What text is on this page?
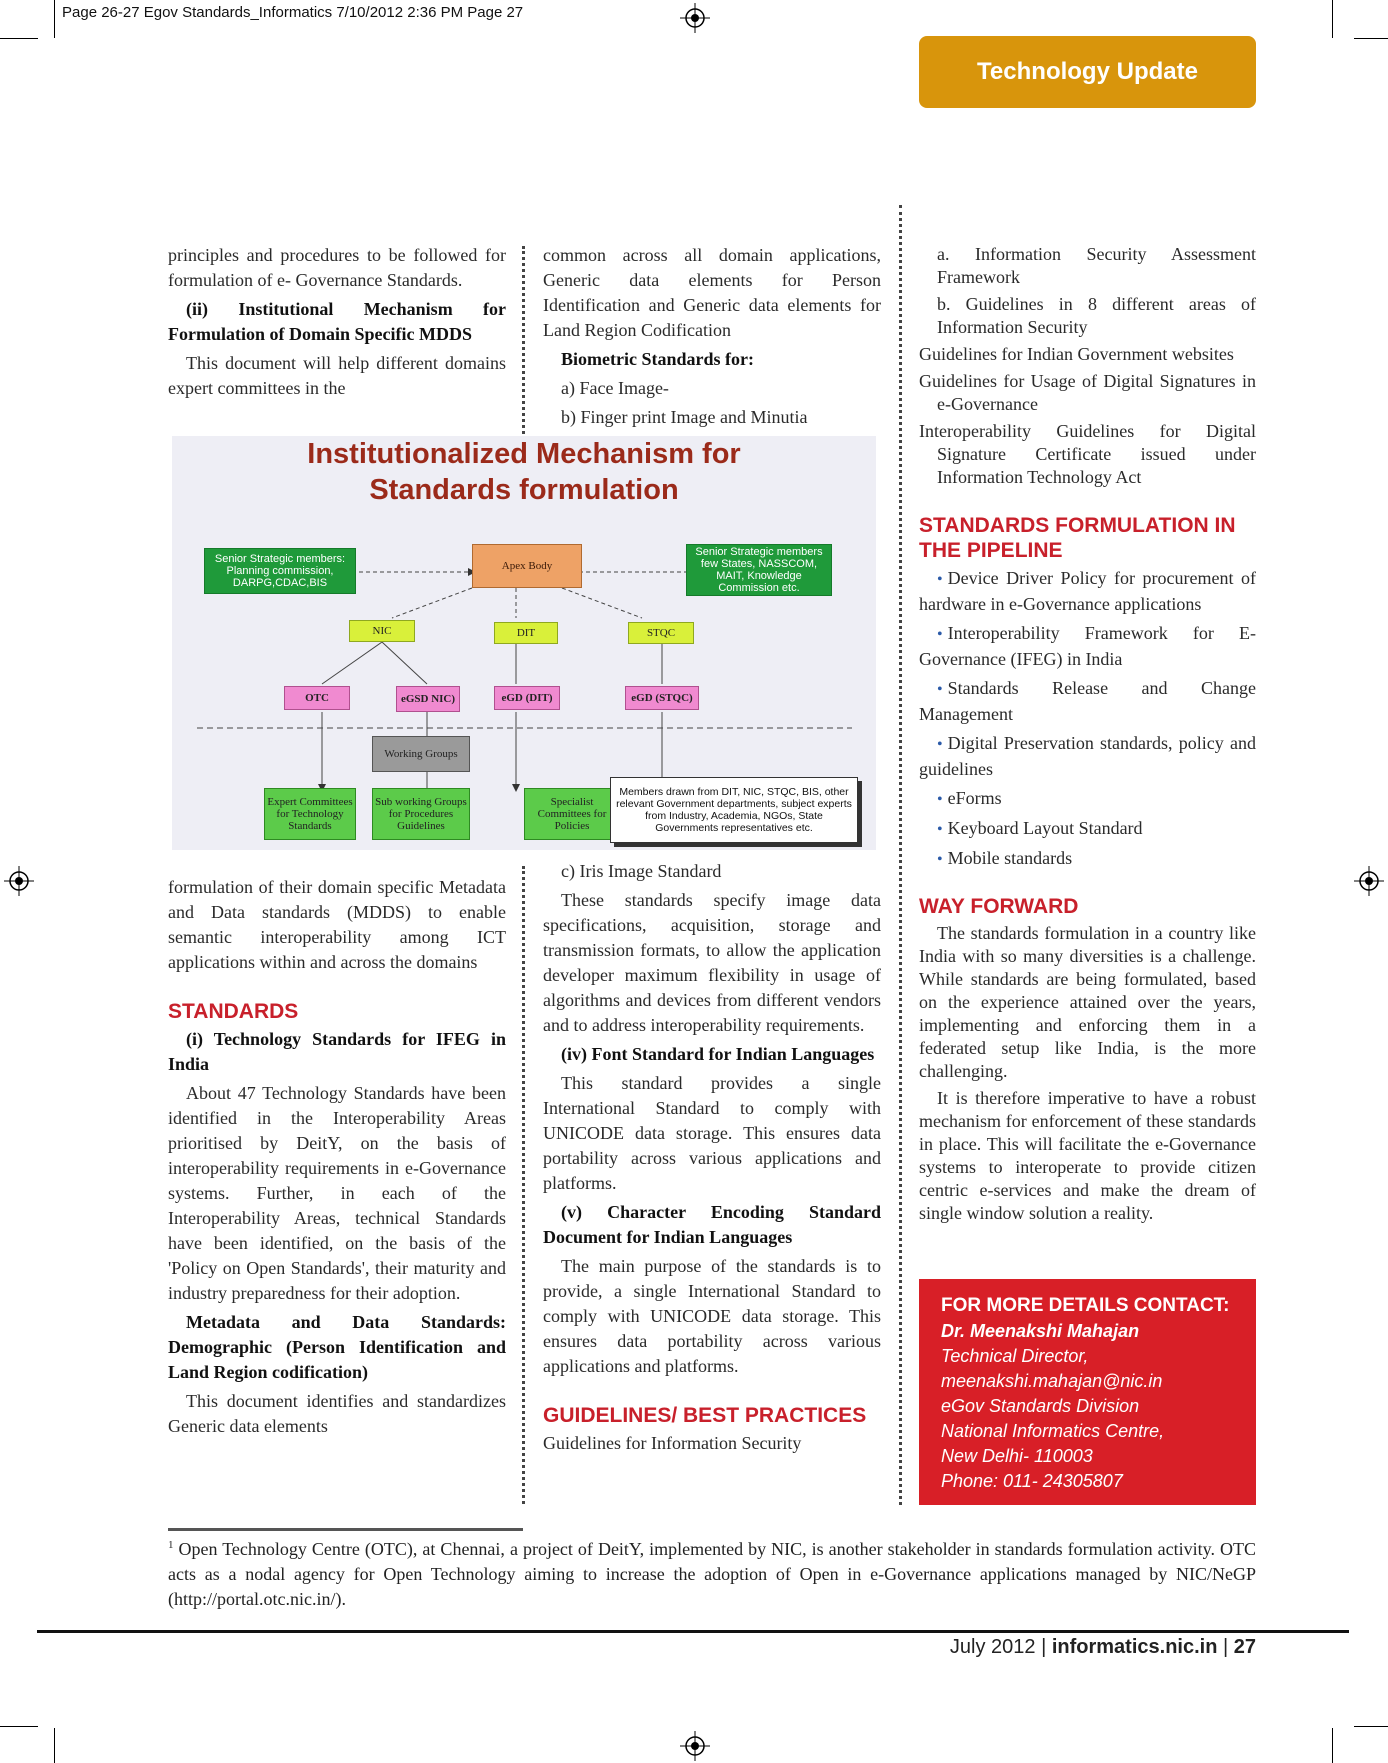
Page 26-27 Egov Standards_Informatics 7/10/2012 2:36 PM Page 27
Technology Update

principles and procedures to be followed for formulation of e- Governance Standards.

(ii) Institutional Mechanism for Formulation of Domain Specific MDDS

This document will help different domains expert committees in the

common across all domain applications, Generic data elements for Person Identification and Generic data elements for Land Region Codification

Biometric Standards for:

a) Face Image-

b) Finger print Image and Minutia

Institutionalized Mechanism for
Standards formulation
Senior Strategic members: Planning commission, DARPG,CDAC,BIS
Apex Body
Senior Strategic members few States, NASSCOM, MAIT, Knowledge Commission etc.
NIC	DIT	STQC
OTC	eGSD NIC)	eGD (DIT)	eGD (STQC)
Working Groups
Expert Committees for Technology Standards
Sub working Groups for Procedures Guidelines
Specialist Committees for Policies
Members drawn from DIT, NIC, STQC, BIS, other relevant Government departments, subject experts from Industry, Academia, NGOs, State Governments representatives etc.

formulation of their domain specific Metadata and Data standards (MDDS) to enable semantic interoperability among ICT applications within and across the domains

STANDARDS

(i) Technology Standards for IFEG in India

About 47 Technology Standards have been identified in the Interoperability Areas prioritised by DeitY, on the basis of interoperability requirements in e-Governance systems. Further, in each of the Interoperability Areas, technical Standards have been identified, on the basis of the 'Policy on Open Standards', their maturity and industry preparedness for their adoption.

Metadata and Data Standards: Demographic (Person Identification and Land Region codification)

This document identifies and standardizes Generic data elements

c) Iris Image Standard

These standards specify image data specifications, acquisition, storage and transmission formats, to allow the application developer maximum flexibility in usage of algorithms and devices from different vendors and to address interoperability requirements.

(iv) Font Standard for Indian Languages

This standard provides a single International Standard to comply with UNICODE data storage. This ensures data portability across various applications and platforms.

(v) Character Encoding Standard Document for Indian Languages

The main purpose of the standards is to provide, a single International Standard to comply with UNICODE data storage. This ensures data portability across various applications and platforms.

GUIDELINES/ BEST PRACTICES

Guidelines for Information Security

a. Information Security Assessment Framework

b. Guidelines in 8 different areas of Information Security

Guidelines for Indian Government websites

Guidelines for Usage of Digital Signatures in e-Governance

Interoperability Guidelines for Digital Signature Certificate issued under Information Technology Act

STANDARDS FORMULATION IN THE PIPELINE

• Device Driver Policy for procurement of hardware in e-Governance applications

• Interoperability Framework for E-Governance (IFEG) in India

• Standards Release and Change Management

• Digital Preservation standards, policy and guidelines

• eForms

• Keyboard Layout Standard

• Mobile standards

WAY FORWARD

The standards formulation in a country like India with so many diversities is a challenge. While standards are being formulated, based on the experience attained over the years, implementing and enforcing them in a federated setup like India, is the more challenging.

It is therefore imperative to have a robust mechanism for enforcement of these standards in place. This will facilitate the e-Governance systems to interoperate to provide citizen centric e-services and make the dream of single window solution a reality.

FOR MORE DETAILS CONTACT:
Dr. Meenakshi Mahajan
Technical Director,
meenakshi.mahajan@nic.in
eGov Standards Division
National Informatics Centre,
New Delhi- 110003
Phone: 011- 24305807
$^1$ Open Technology Centre (OTC), at Chennai, a project of DeitY, implemented by NIC, is another stakeholder in standards formulation activity. OTC acts as a nodal agency for Open Technology aiming to increase the adoption of Open in e-Governance applications managed by NIC/NeGP (http://portal.otc.nic.in/).
July 2012 | informatics.nic.in | 27
